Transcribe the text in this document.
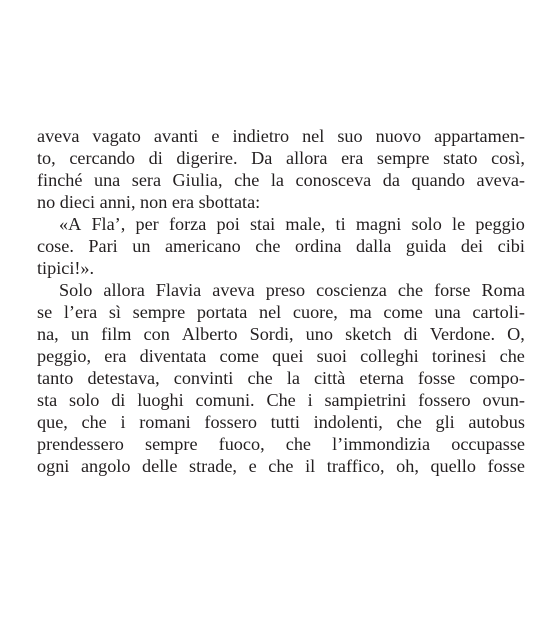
aveva vagato avanti e indietro nel suo nuovo appartamen-
to, cercando di digerire. Da allora era sempre stato così,
finché una sera Giulia, che la conosceva da quando aveva-
no dieci anni, non era sbottata:
«A Fla’, per forza poi stai male, ti magni solo le peggio
cose. Pari un americano che ordina dalla guida dei cibi
tipici!».
Solo allora Flavia aveva preso coscienza che forse Roma
se l’era sì sempre portata nel cuore, ma come una cartoli-
na, un film con Alberto Sordi, uno sketch di Verdone. O,
peggio, era diventata come quei suoi colleghi torinesi che
tanto detestava, convinti che la città eterna fosse compo-
sta solo di luoghi comuni. Che i sampietrini fossero ovun-
que, che i romani fossero tutti indolenti, che gli autobus
prendessero sempre fuoco, che l’immondizia occupasse
ogni angolo delle strade, e che il traffico, oh, quello fosse
